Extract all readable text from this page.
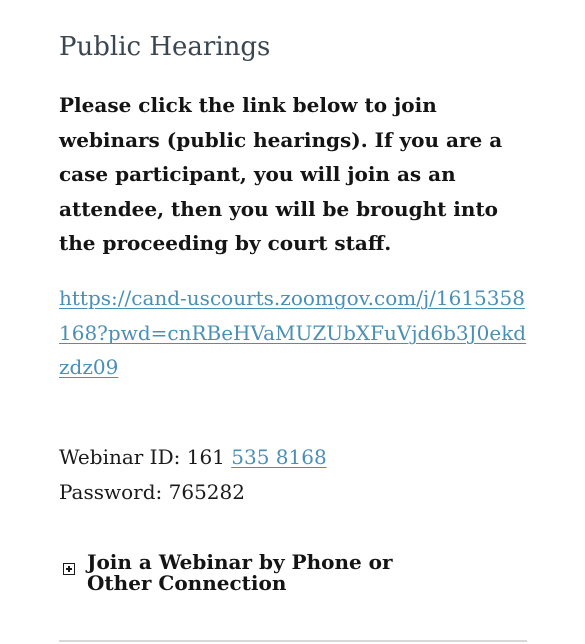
Public Hearings

Please click the link below to join webinars (public hearings). If you are a case participant, you will join as an attendee, then you will be brought into the proceeding by court staff.

https://cand-uscourts.zoomgov.com/j/1615358168?pwd=cnRBeHVaMUZUbXFuVjd6b3J0ekdzdz09
Webinar ID: 161 535 8168
Password: 765282
Join a Webinar by Phone or Other Connection
